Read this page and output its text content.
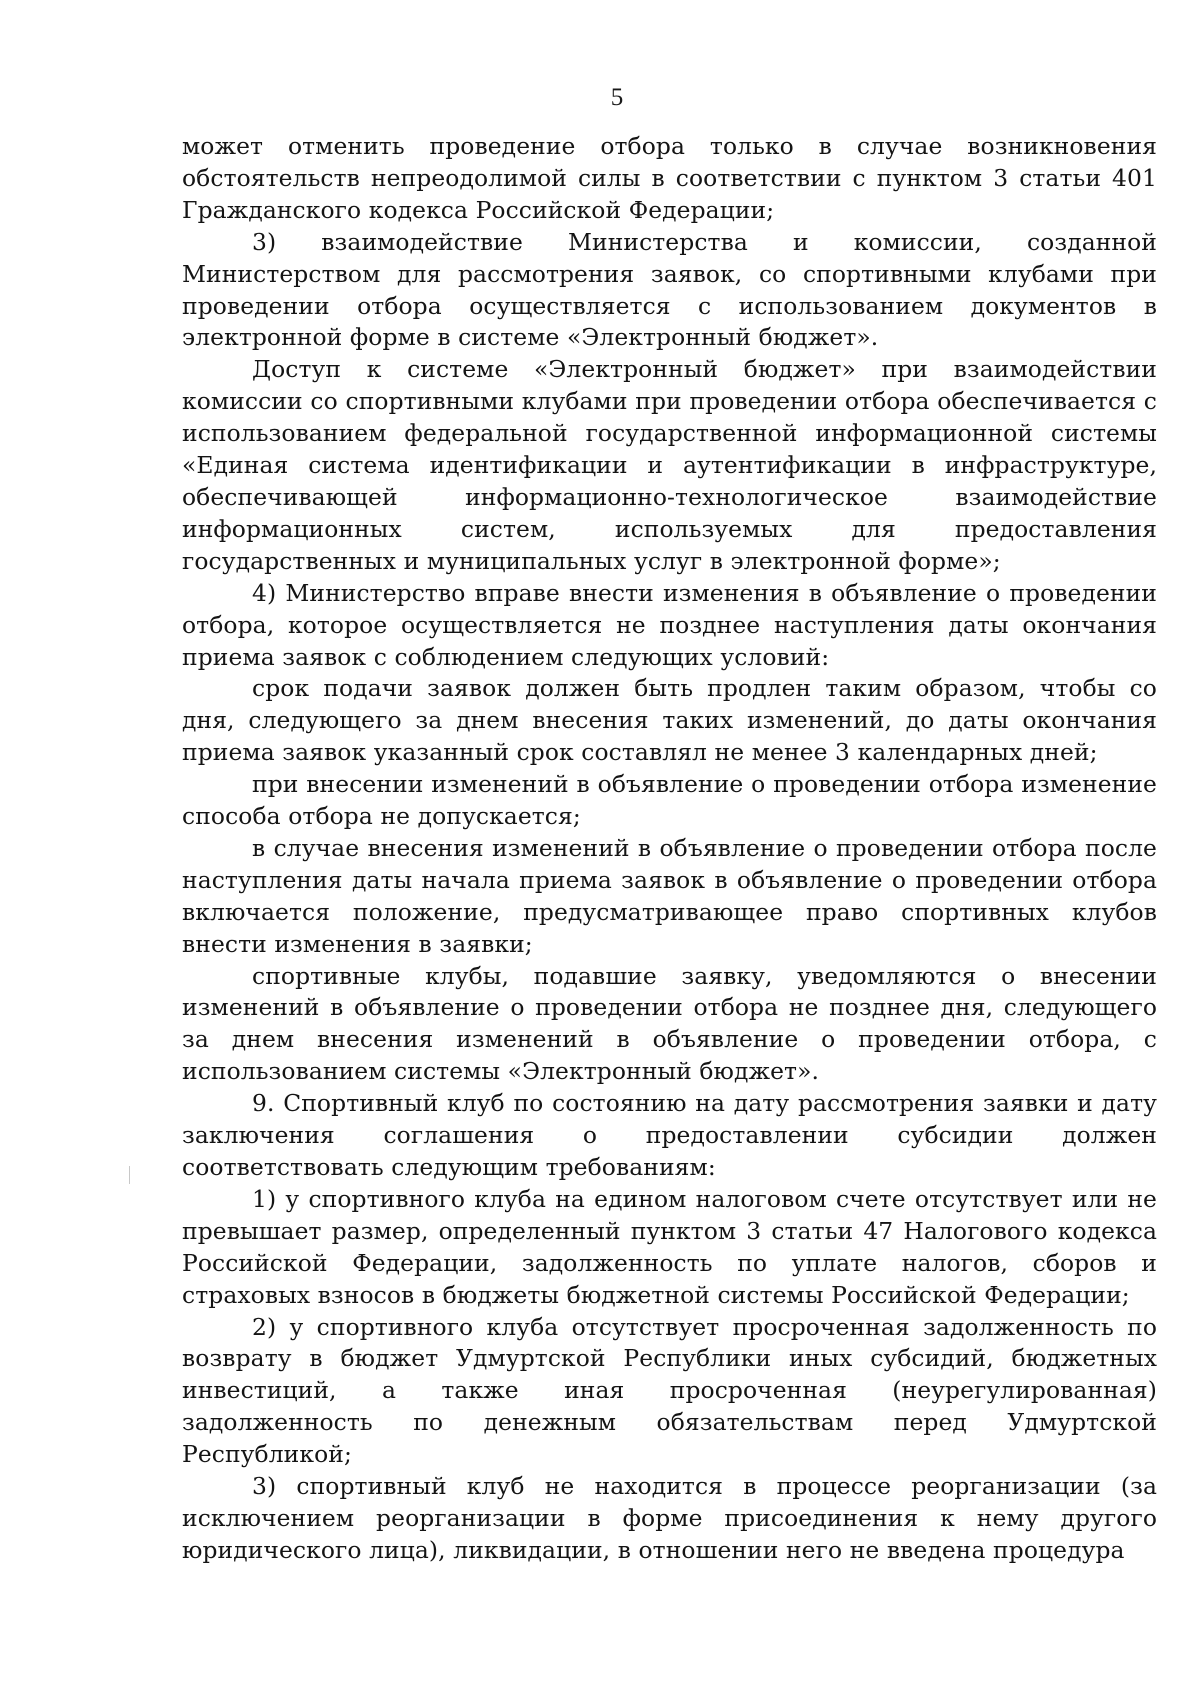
5

может отменить проведение отбора только в случае возникновения обстоятельств непреодолимой силы в соответствии с пунктом 3 статьи 401 Гражданского кодекса Российской Федерации;

3) взаимодействие Министерства и комиссии, созданной Министерством для рассмотрения заявок, со спортивными клубами при проведении отбора осуществляется с использованием документов в электронной форме в системе «Электронный бюджет».

Доступ к системе «Электронный бюджет» при взаимодействии комиссии со спортивными клубами при проведении отбора обеспечивается с использованием федеральной государственной информационной системы «Единая система идентификации и аутентификации в инфраструктуре, обеспечивающей информационно-технологическое взаимодействие информационных систем, используемых для предоставления государственных и муниципальных услуг в электронной форме»;

4) Министерство вправе внести изменения в объявление о проведении отбора, которое осуществляется не позднее наступления даты окончания приема заявок с соблюдением следующих условий:

срок подачи заявок должен быть продлен таким образом, чтобы со дня, следующего за днем внесения таких изменений, до даты окончания приема заявок указанный срок составлял не менее 3 календарных дней;

при внесении изменений в объявление о проведении отбора изменение способа отбора не допускается;

в случае внесения изменений в объявление о проведении отбора после наступления даты начала приема заявок в объявление о проведении отбора включается положение, предусматривающее право спортивных клубов внести изменения в заявки;

спортивные клубы, подавшие заявку, уведомляются о внесении изменений в объявление о проведении отбора не позднее дня, следующего за днем внесения изменений в объявление о проведении отбора, с использованием системы «Электронный бюджет».

9. Спортивный клуб по состоянию на дату рассмотрения заявки и дату заключения соглашения о предоставлении субсидии должен соответствовать следующим требованиям:

1) у спортивного клуба на едином налоговом счете отсутствует или не превышает размер, определенный пунктом 3 статьи 47 Налогового кодекса Российской Федерации, задолженность по уплате налогов, сборов и страховых взносов в бюджеты бюджетной системы Российской Федерации;

2) у спортивного клуба отсутствует просроченная задолженность по возврату в бюджет Удмуртской Республики иных субсидий, бюджетных инвестиций, а также иная просроченная (неурегулированная) задолженность по денежным обязательствам перед Удмуртской Республикой;

3) спортивный клуб не находится в процессе реорганизации (за исключением реорганизации в форме присоединения к нему другого юридического лица), ликвидации, в отношении него не введена процедура
